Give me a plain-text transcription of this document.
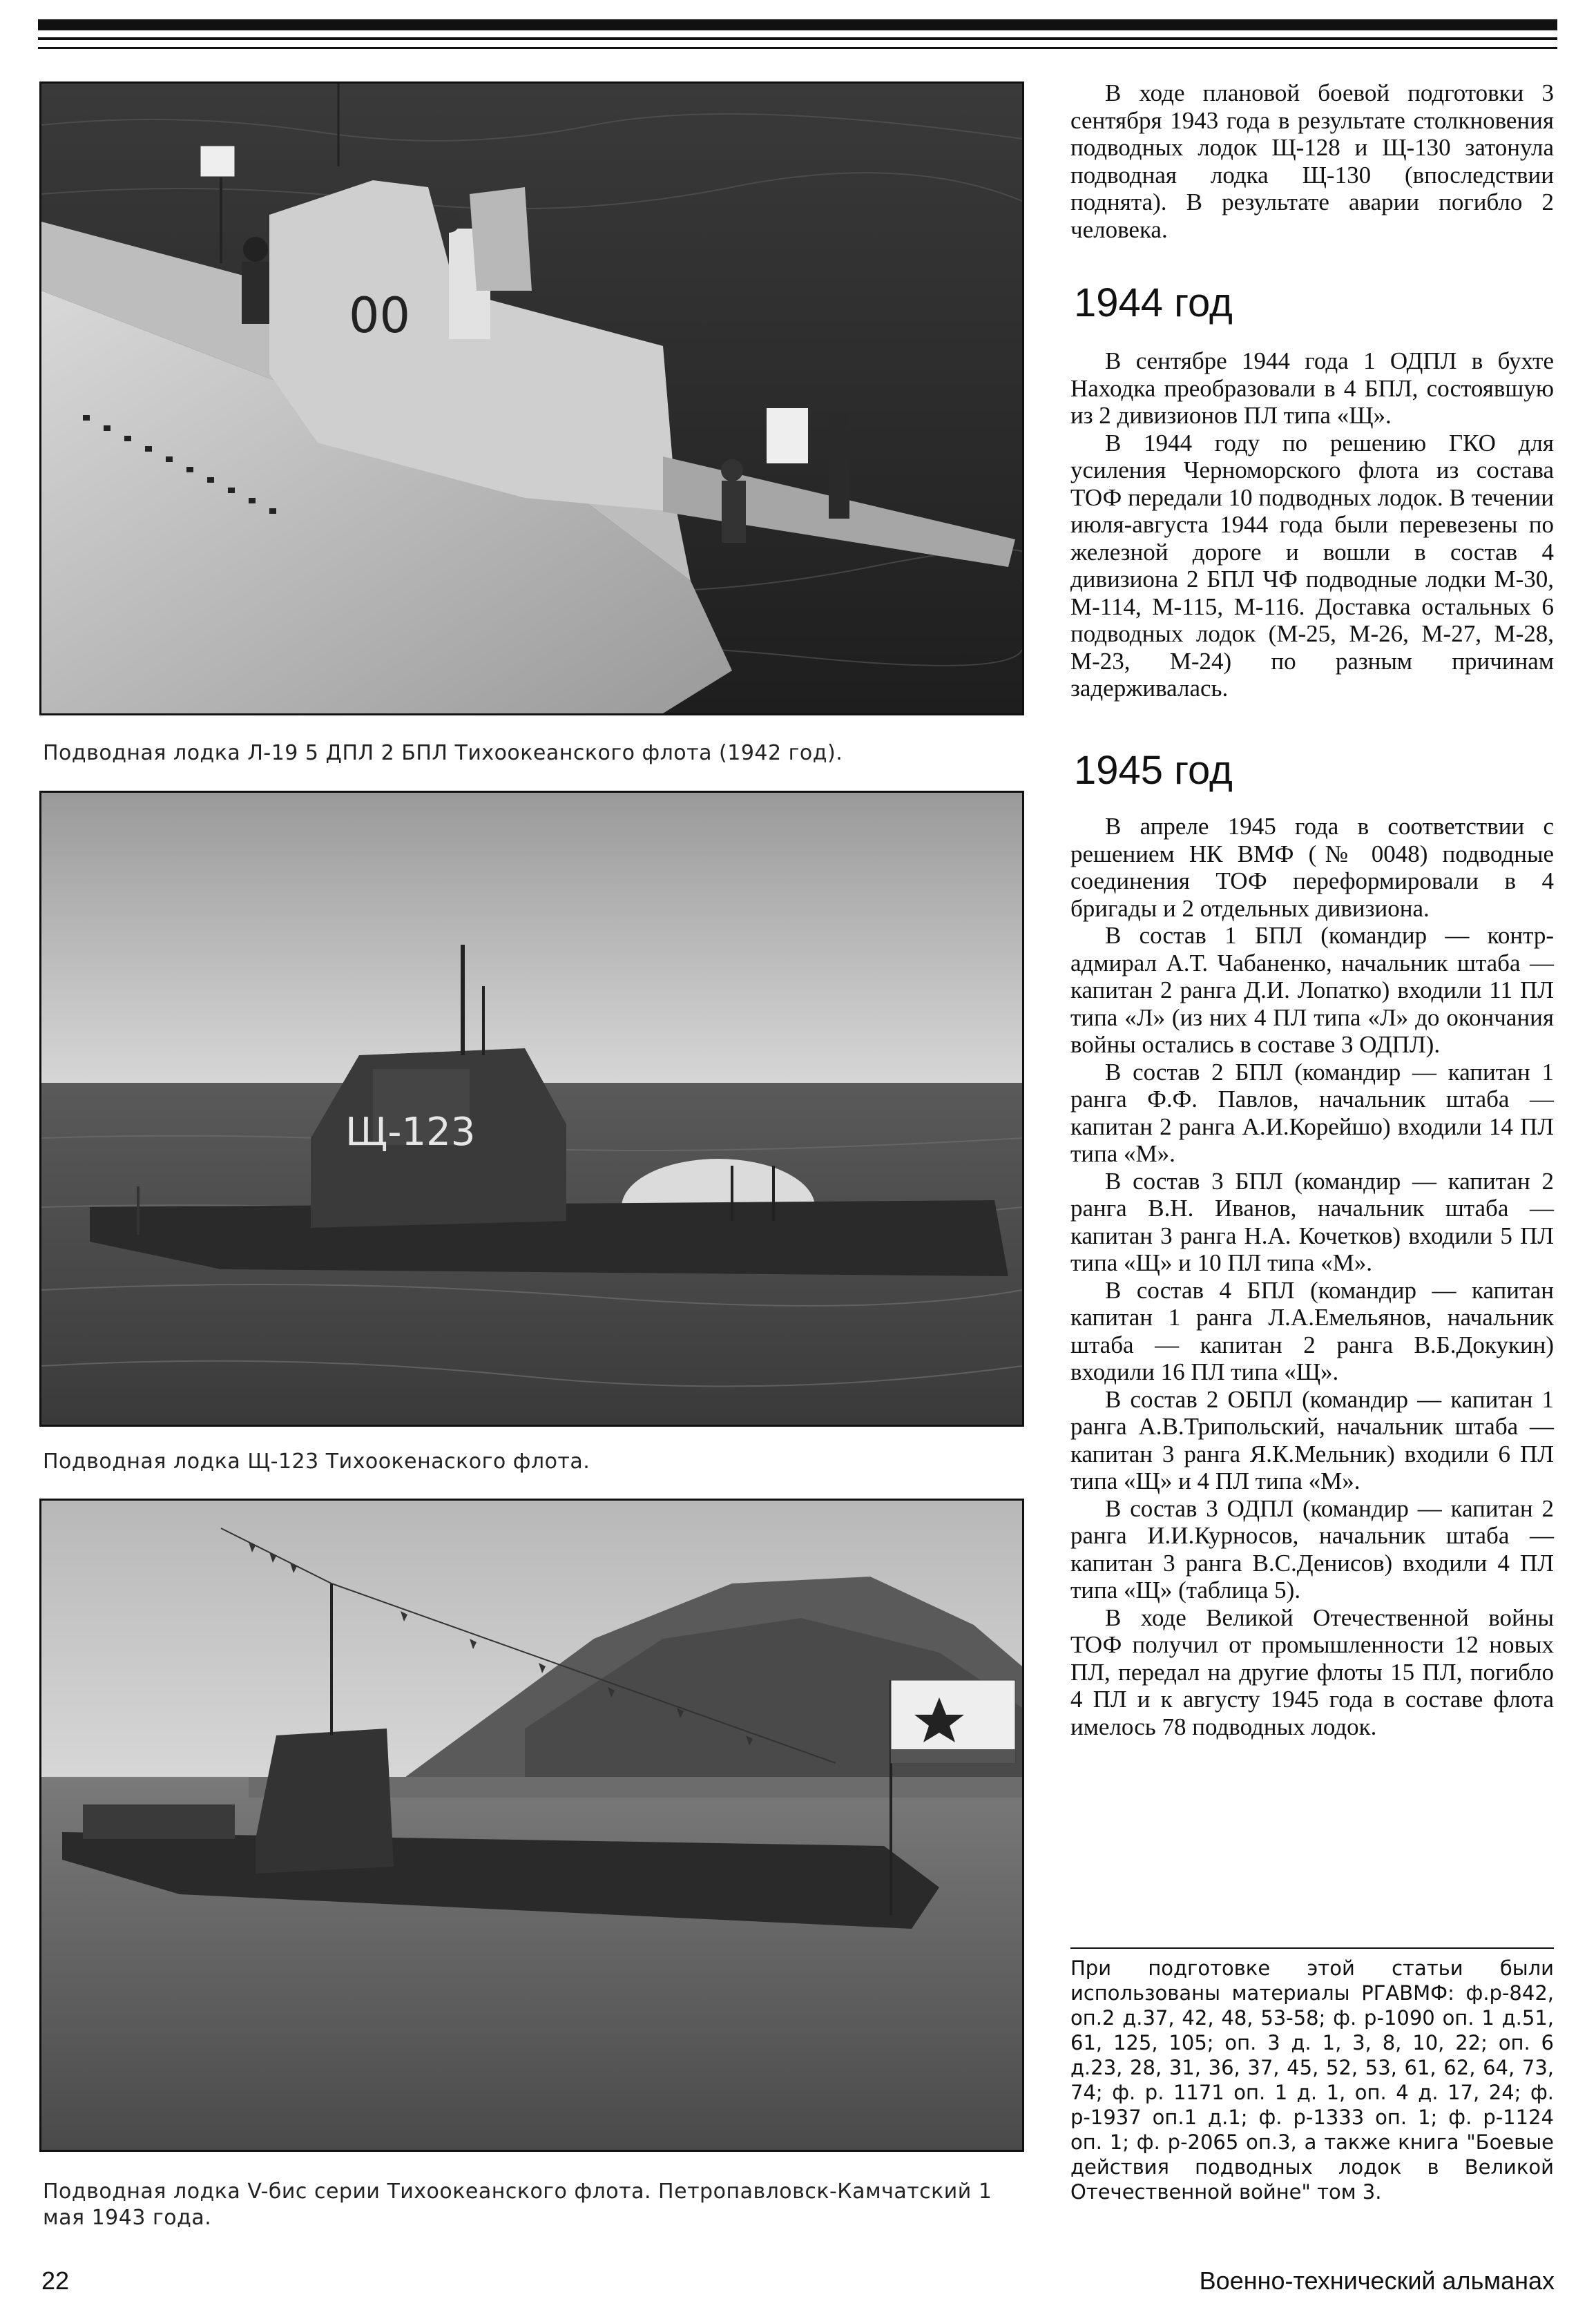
00
Подводная лодка Л-19 5 ДПЛ 2 БПЛ Тихоокеанского флота (1942 год).
Щ-123
Подводная лодка Щ-123 Тихоокенаского флота.
Подводная лодка V-бис серии Тихоокеанского флота. Петропавловск-Камчатский 1 мая 1943 года.

В ходе плановой боевой подготовки 3 сентября 1943 года в результате столкновения подводных лодок Щ-128 и Щ-130 затонула подводная лодка Щ-130 (впоследствии поднята). В результате аварии погибло 2 человека.

1944 год

В сентябре 1944 года 1 ОДПЛ в бухте Находка преобразовали в 4 БПЛ, состоявшую из 2 дивизионов ПЛ типа «Щ».

В 1944 году по решению ГКО для усиления Черноморского флота из состава ТОФ передали 10 подводных лодок. В течении июля-августа 1944 года были перевезены по железной дороге и вошли в состав 4 дивизиона 2 БПЛ ЧФ подводные лодки М-30, М-114, М-115, М-116. Доставка остальных 6 подводных лодок (М-25, М-26, М-27, М-28, М-23, М-24) по разным причинам задерживалась.

1945 год

В апреле 1945 года в соответствии с решением НК ВМФ (№ 0048) подводные соединения ТОФ переформировали в 4 бригады и 2 отдельных дивизиона.

В состав 1 БПЛ (командир — контр-адмирал А.Т. Чабаненко, начальник штаба — капитан 2 ранга Д.И. Лопатко) входили 11 ПЛ типа «Л» (из них 4 ПЛ типа «Л» до окончания войны остались в составе 3 ОДПЛ).

В состав 2 БПЛ (командир — капитан 1 ранга Ф.Ф. Павлов, начальник штаба — капитан 2 ранга А.И.Корейшо) входили 14 ПЛ типа «М».

В состав 3 БПЛ (командир — капитан 2 ранга В.Н. Иванов, начальник штаба — капитан 3 ранга Н.А. Кочетков) входили 5 ПЛ типа «Щ» и 10 ПЛ типа «М».

В состав 4 БПЛ (командир — капитан капитан 1 ранга Л.А.Емельянов, начальник штаба — капитан 2 ранга В.Б.Докукин) входили 16 ПЛ типа «Щ».

В состав 2 ОБПЛ (командир — капитан 1 ранга А.В.Трипольский, начальник штаба — капитан 3 ранга Я.К.Мельник) входили 6 ПЛ типа «Щ» и 4 ПЛ типа «М».

В состав 3 ОДПЛ (командир — капитан 2 ранга И.И.Курносов, начальник штаба — капитан 3 ранга В.С.Денисов) входили 4 ПЛ типа «Щ» (таблица 5).

В ходе Великой Отечественной войны ТОФ получил от промышленности 12 новых ПЛ, передал на другие флоты 15 ПЛ, погибло 4 ПЛ и к августу 1945 года в составе флота имелось 78 подводных лодок.

При подготовке этой статьи были использованы материалы РГАВМФ: ф.р-842, оп.2 д.37, 42, 48, 53-58; ф. р-1090 оп. 1 д.51, 61, 125, 105; оп. 3 д. 1, 3, 8, 10, 22; оп. 6 д.23, 28, 31, 36, 37, 45, 52, 53, 61, 62, 64, 73, 74; ф. р. 1171 оп. 1 д. 1, оп. 4 д. 17, 24; ф. р-1937 оп.1 д.1; ф. р-1333 оп. 1; ф. р-1124 оп. 1; ф. р-2065 оп.3, а также книга "Боевые действия подводных лодок в Великой Отечественной войне" том 3.
22	Военно-технический альманах
